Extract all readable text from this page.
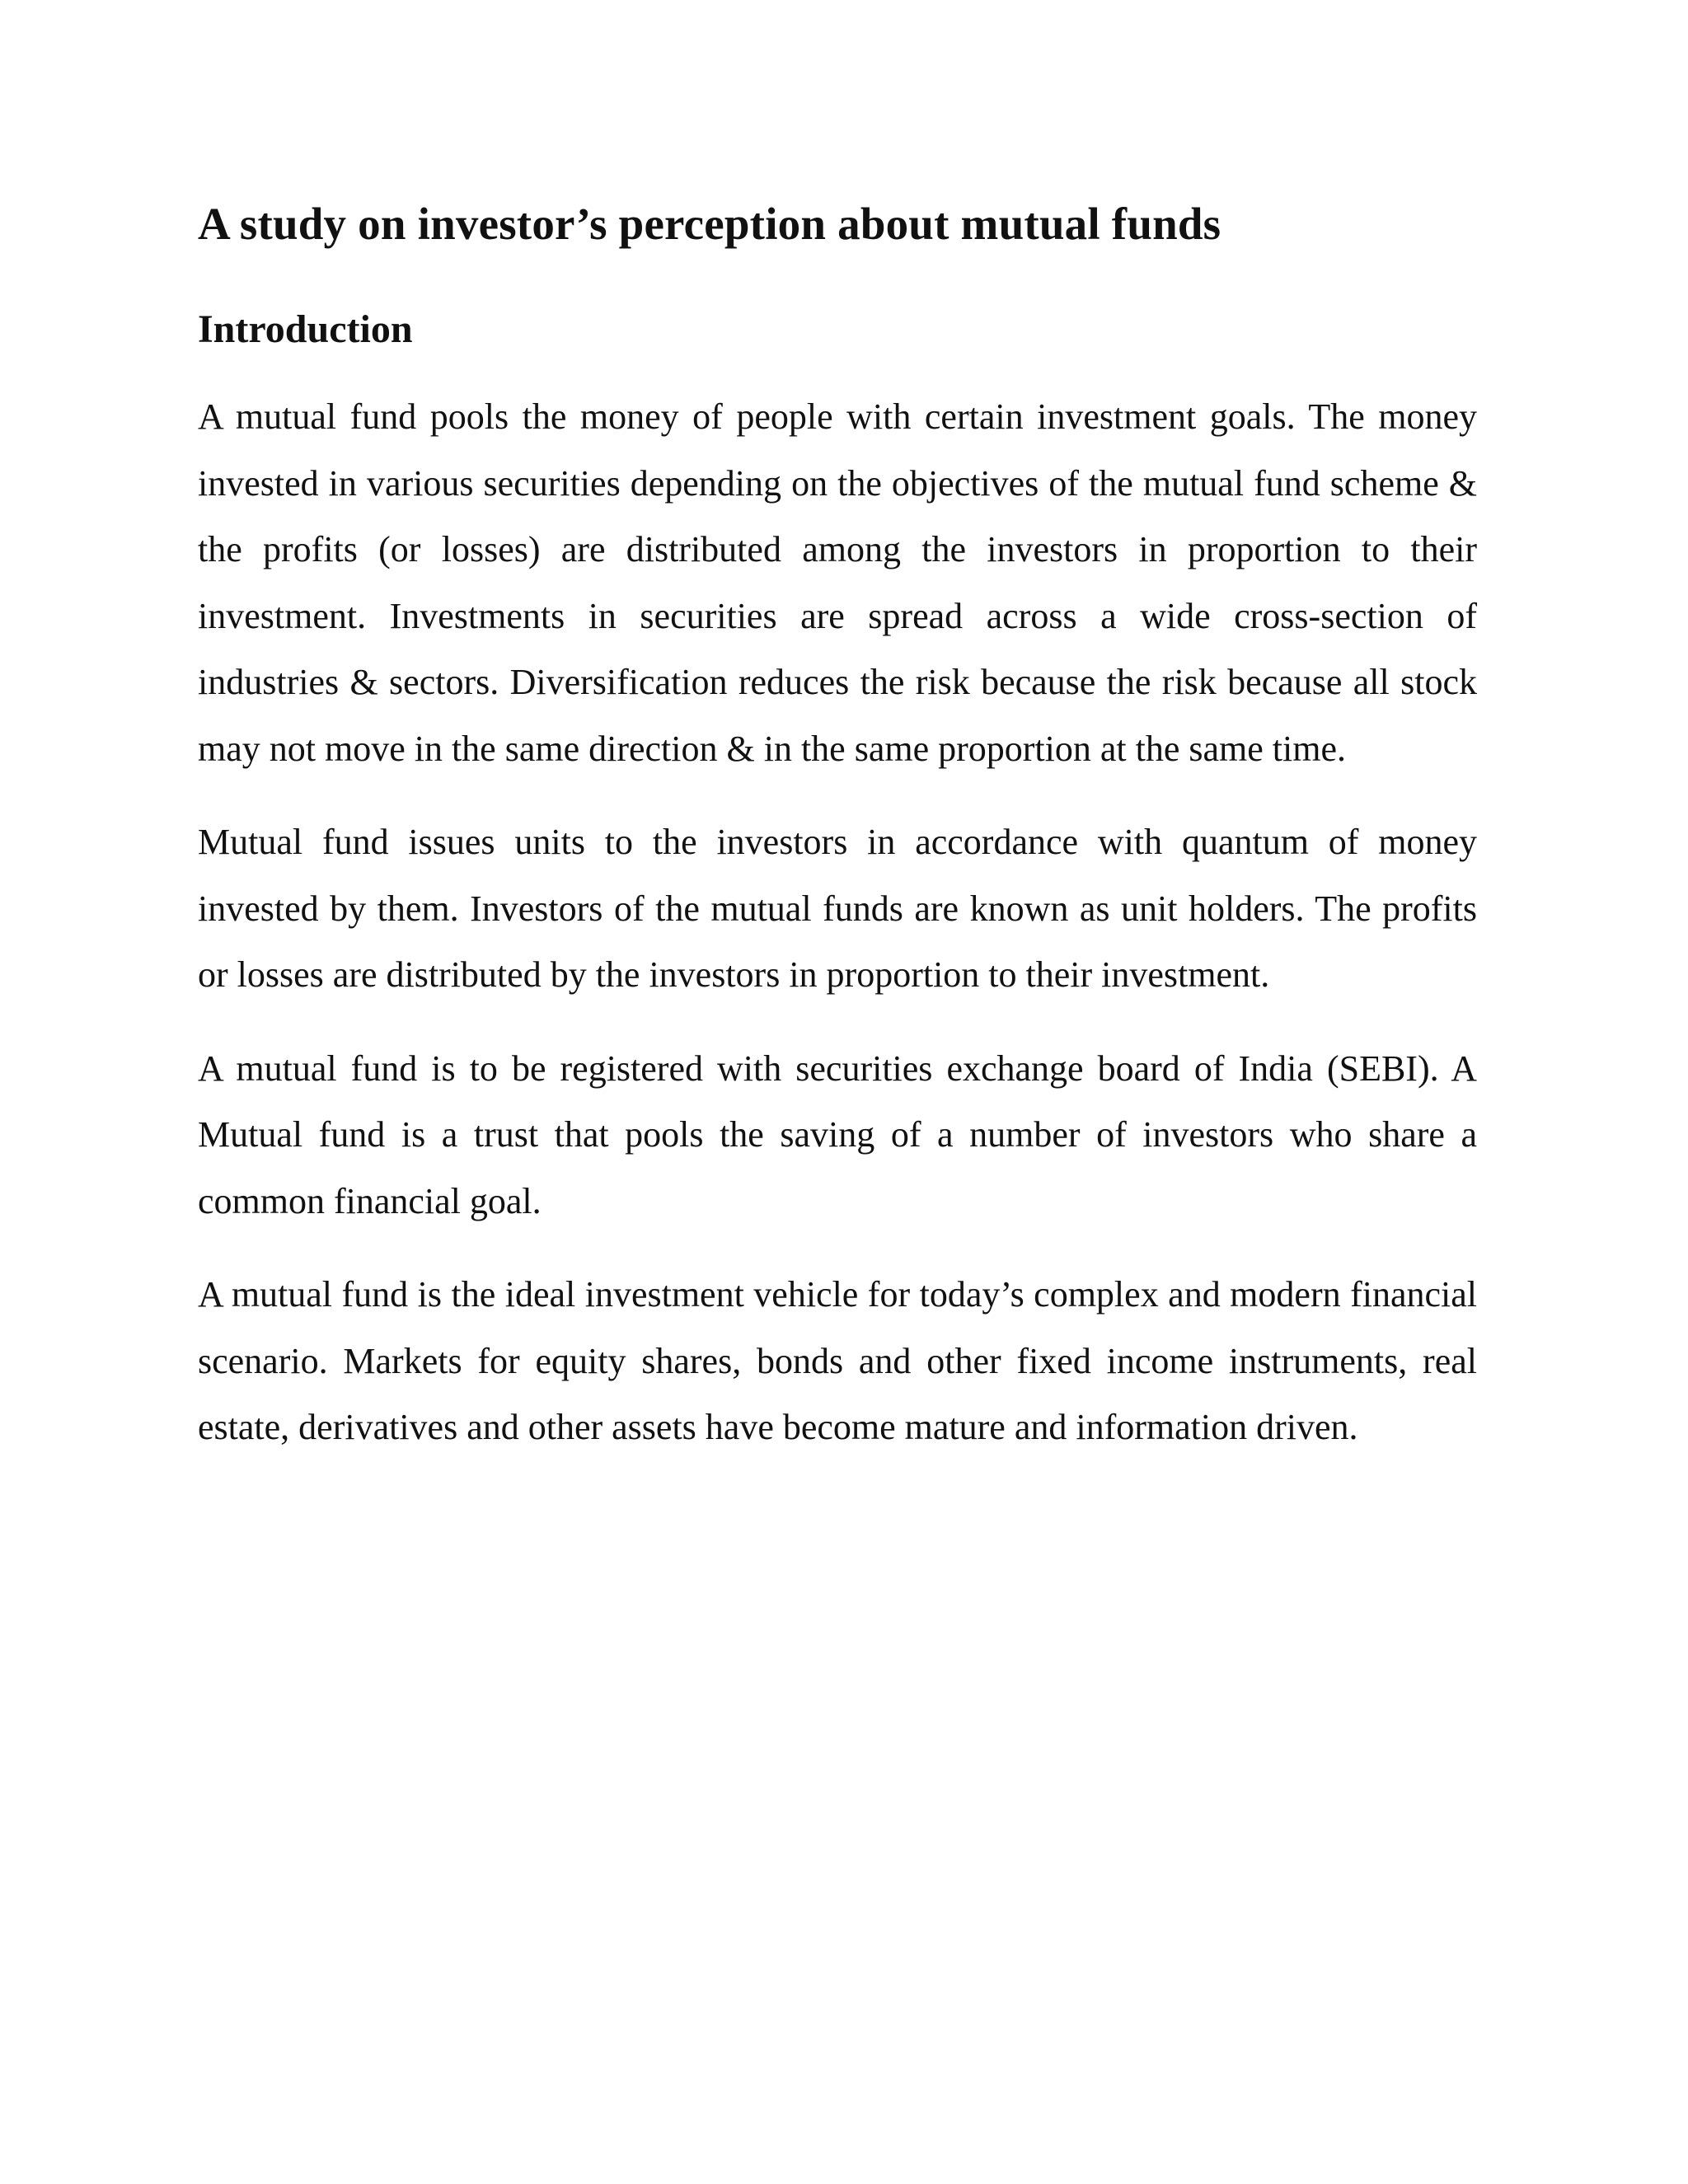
A study on investor’s perception about mutual funds
Introduction

A mutual fund pools the money of people with certain investment goals. The money invested in various securities depending on the objectives of the mutual fund scheme & the profits (or losses) are distributed among the investors in proportion to their investment. Investments in securities are spread across a wide cross-section of industries & sectors. Diversification reduces the risk because the risk because all stock may not move in the same direction & in the same proportion at the same time.

Mutual fund issues units to the investors in accordance with quantum of money invested by them. Investors of the mutual funds are known as unit holders. The profits or losses are distributed by the investors in proportion to their investment.

A mutual fund is to be registered with securities exchange board of India (SEBI). A Mutual fund is a trust that pools the saving of a number of investors who share a common financial goal.

A mutual fund is the ideal investment vehicle for today’s complex and modern financial scenario. Markets for equity shares, bonds and other fixed income instruments, real estate, derivatives and other assets have become mature and information driven.
